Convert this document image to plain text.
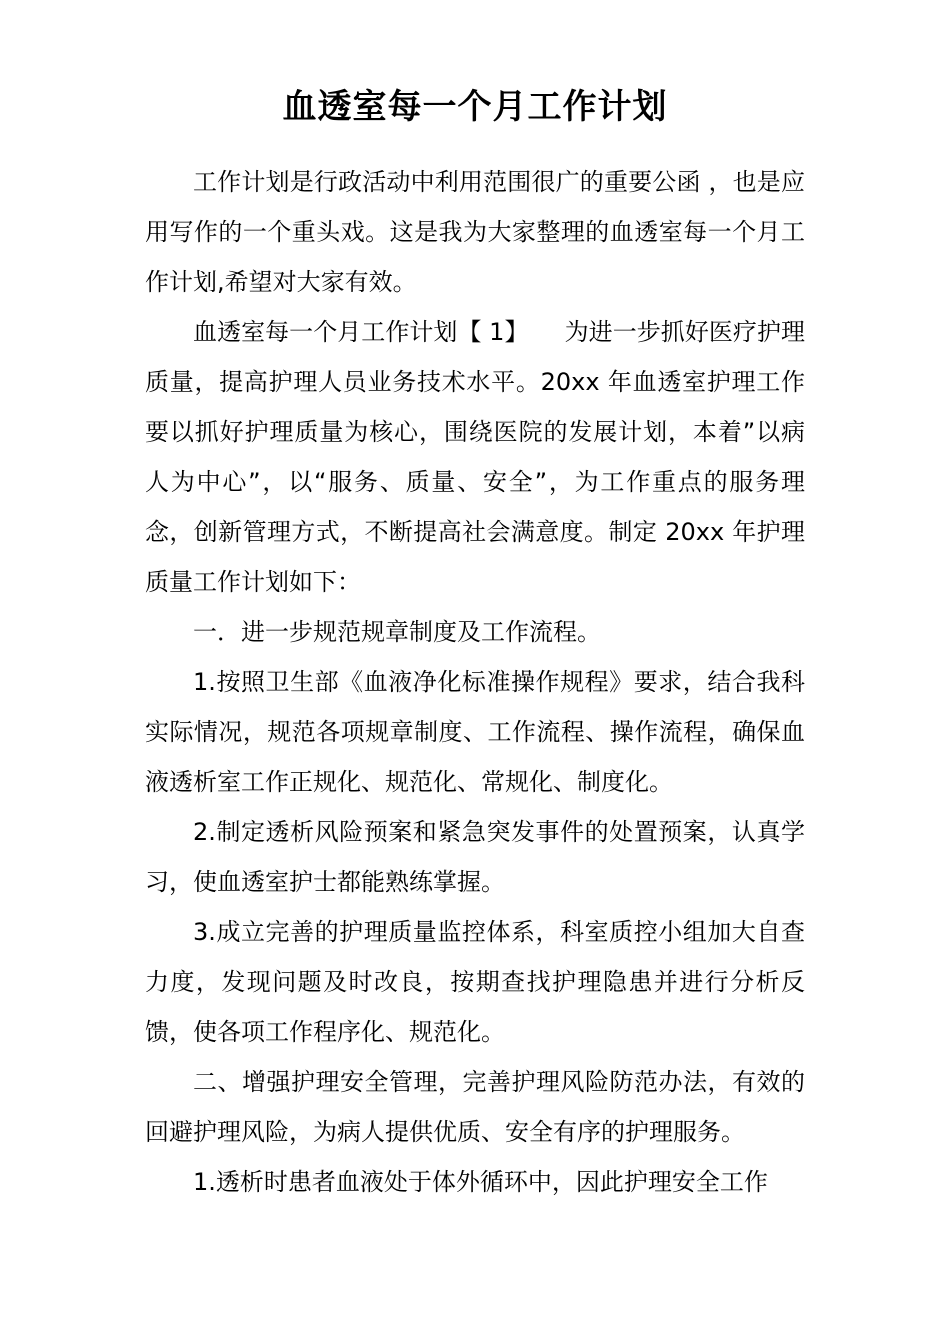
血透室每一个月工作计划

工作计划是行政活动中利用范围很广的重要公函 ，也是应用写作的一个重头戏。这是我为大家整理的血透室每一个月工作计划,希望对大家有效。

血透室每一个月工作计划【 1】　　为进一步抓好医疗护理质量，提高护理人员业务技术水平。20xx 年血透室护理工作要以抓好护理质量为核心，围绕医院的发展计划，本着”以病人为中心”，以“服务、质量、安全”，为工作重点的服务理念，创新管理方式，不断提高社会满意度。制定 20xx 年护理质量工作计划如下：

一．进一步规范规章制度及工作流程。

1.按照卫生部《血液净化标准操作规程》要求，结合我科实际情况，规范各项规章制度、工作流程、操作流程，确保血液透析室工作正规化、规范化、常规化、制度化。

2.制定透析风险预案和紧急突发事件的处置预案，认真学习，使血透室护士都能熟练掌握。

3.成立完善的护理质量监控体系，科室质控小组加大自查力度，发现问题及时改良，按期查找护理隐患并进行分析反馈，使各项工作程序化、规范化。

二、增强护理安全管理，完善护理风险防范办法，有效的回避护理风险，为病人提供优质、安全有序的护理服务。

1.透析时患者血液处于体外循环中，因此护理安全工作
